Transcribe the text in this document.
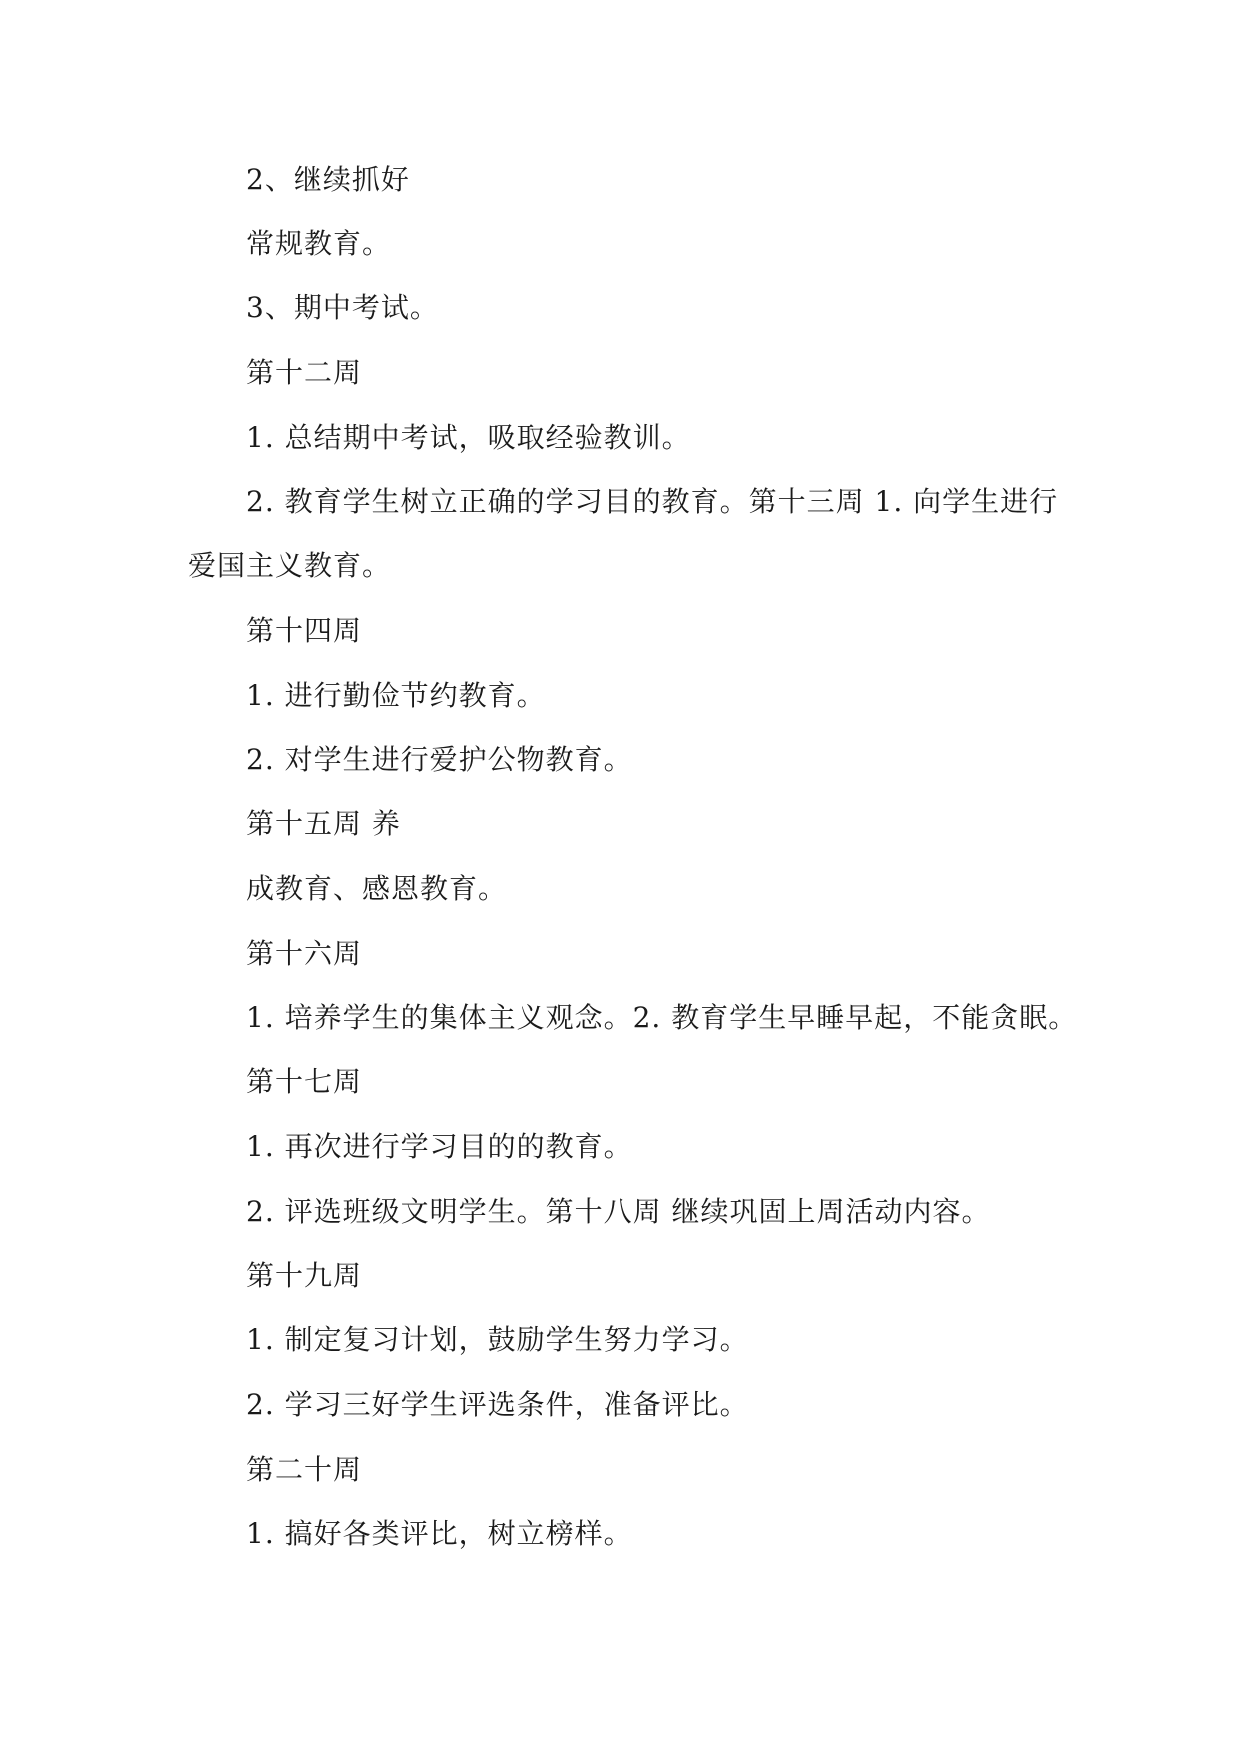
2、继续抓好
常规教育。
3、期中考试。
第十二周
1. 总结期中考试，吸取经验教训。
2. 教育学生树立正确的学习目的教育。第十三周 1. 向学生进行
爱国主义教育。
第十四周
1. 进行勤俭节约教育。
2. 对学生进行爱护公物教育。
第十五周 养
成教育、感恩教育。
第十六周
1. 培养学生的集体主义观念。2. 教育学生早睡早起，不能贪眠。
第十七周
1. 再次进行学习目的的教育。
2. 评选班级文明学生。第十八周 继续巩固上周活动内容。
第十九周
1. 制定复习计划，鼓励学生努力学习。
2. 学习三好学生评选条件，准备评比。
第二十周
1. 搞好各类评比，树立榜样。
